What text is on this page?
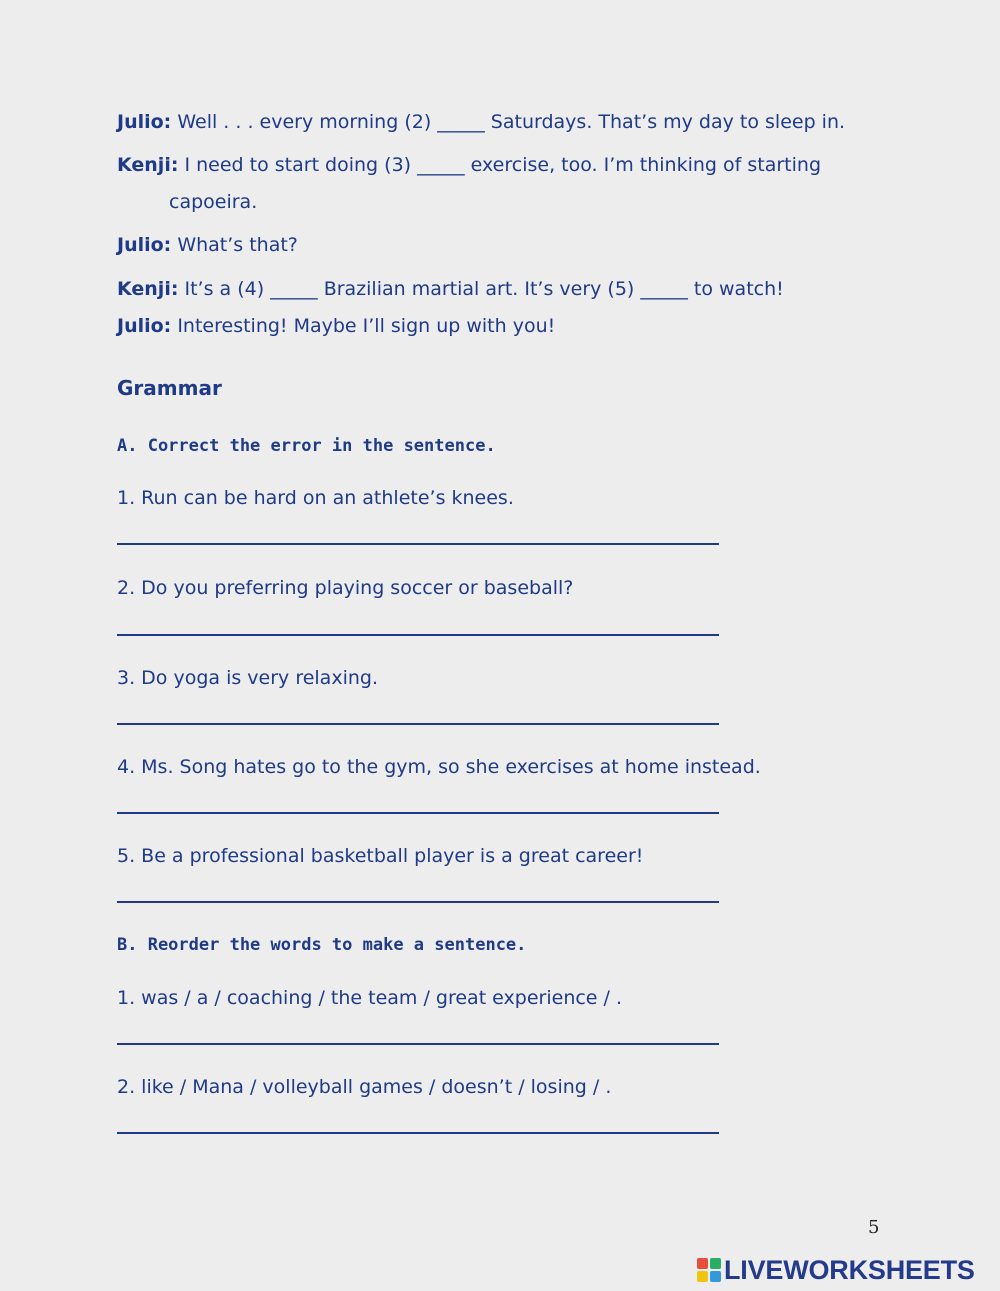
Julio: Well . . . every morning (2) _____ Saturdays. That’s my day to sleep in.
Kenji: I need to start doing (3) _____ exercise, too. I’m thinking of starting
capoeira.
Julio: What’s that?
Kenji: It’s a (4) _____ Brazilian martial art. It’s very (5) _____ to watch!
Julio: Interesting! Maybe I’ll sign up with you!
Grammar
A. Correct the error in the sentence.
1. Run can be hard on an athlete’s knees.
2. Do you preferring playing soccer or baseball?
3. Do yoga is very relaxing.
4. Ms. Song hates go to the gym, so she exercises at home instead.
5. Be a professional basketball player is a great career!
B. Reorder the words to make a sentence.
1. was / a / coaching / the team / great experience / .
2. like / Mana / volleyball games / doesn’t / losing / .
5
LIVEWORKSHEETS
